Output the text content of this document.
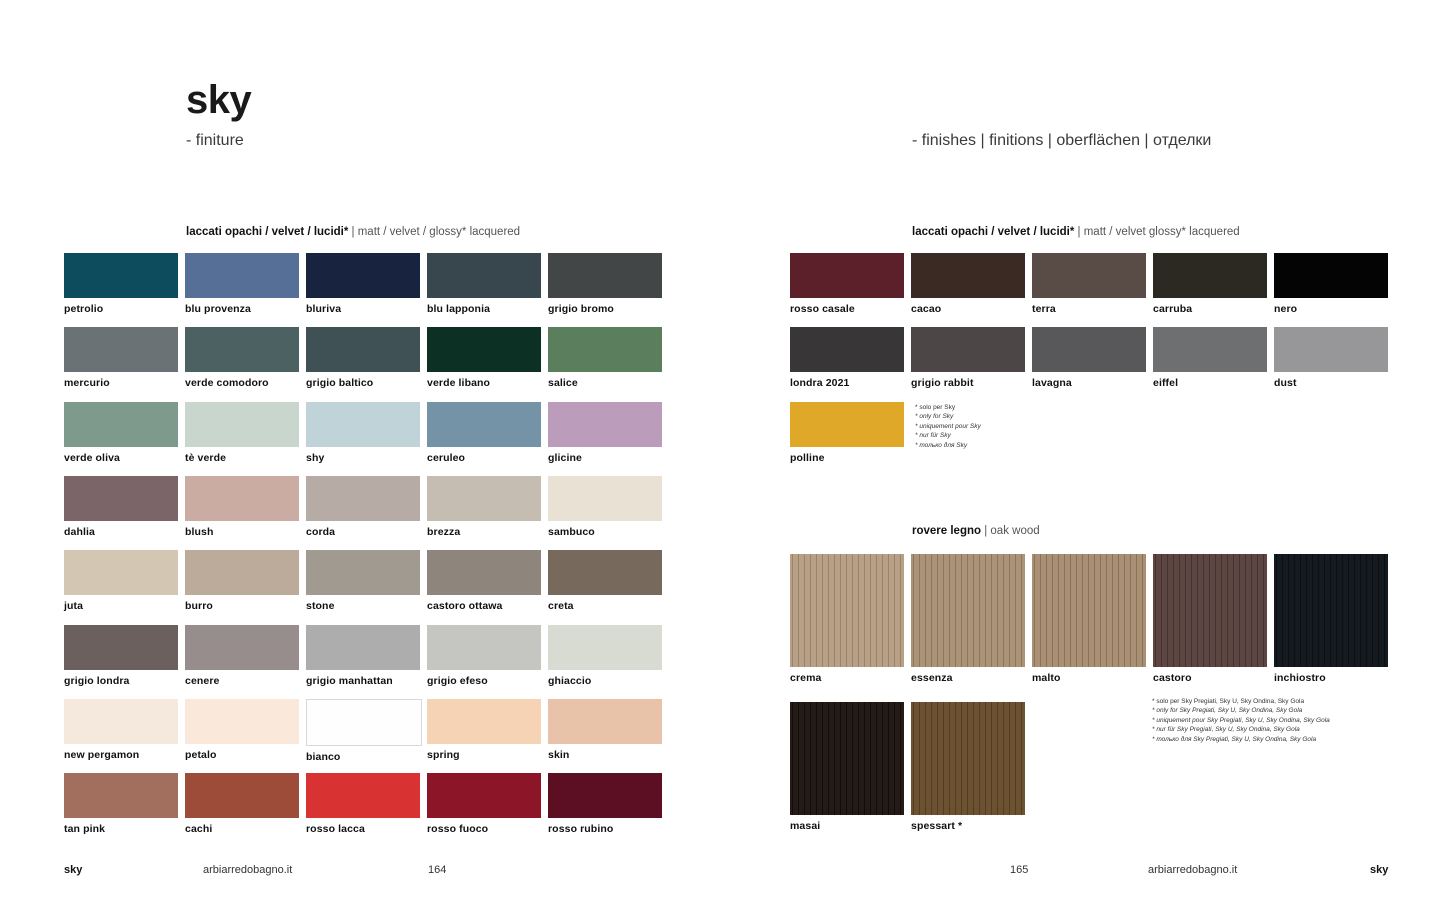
sky
- finiture	- finishes | finitions | oberflächen | отделки
laccati opachi / velvet / lucidi* | matt / velvet / glossy* lacquered
petrolio	blu provenza	bluriva	blu lapponia	grigio bromo
mercurio	verde comodoro	grigio baltico	verde libano	salice
verde oliva	tè verde	shy	ceruleo	glicine
dahlia	blush	corda	brezza	sambuco
juta	burro	stone	castoro ottawa	creta
grigio londra	cenere	grigio manhattan	grigio efeso	ghiaccio
new pergamon	petalo	bianco	spring	skin
tan pink	cachi	rosso lacca	rosso fuoco	rosso rubino
laccati opachi / velvet / lucidi* | matt / velvet glossy* lacquered
rosso casale	cacao	terra	carruba	nero
londra 2021	grigio rabbit	lavagna	eiffel	dust
polline
* solo per Sky
* only for Sky
* uniquement pour Sky
* nur für Sky
* только для Sky
rovere legno | oak wood
crema	essenza	malto	castoro	inchiostro
masai	spessart *
* solo per Sky Pregiati, Sky U, Sky Ondina, Sky Gola
* only for Sky Pregiati, Sky U, Sky Ondina, Sky Gola
* uniquement pour Sky Pregiati, Sky U, Sky Ondina, Sky Gola
* nur für Sky Pregiati, Sky U, Sky Ondina, Sky Gola
* только для Sky Pregiati, Sky U, Sky Ondina, Sky Gola
sky	arbiarredobagno.it	164	165	arbiarredobagno.it	sky
